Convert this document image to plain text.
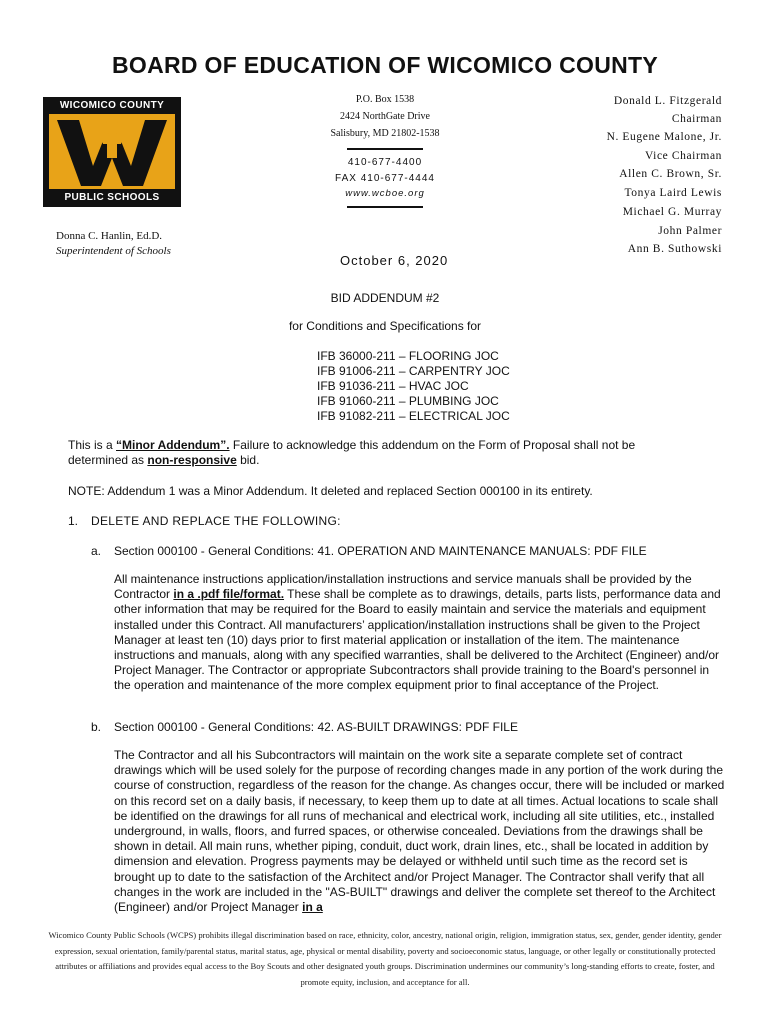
BOARD OF EDUCATION OF WICOMICO COUNTY
WICOMICO COUNTY
PUBLIC SCHOOLS
Donna C. Hanlin, Ed.D.
Superintendent of Schools
P.O. Box 1538
2424 NorthGate Drive
Salisbury, MD 21802-1538
410-677-4400
FAX 410-677-4444
www.wcboe.org
Donald L. Fitzgerald
Chairman
N. Eugene Malone, Jr.
Vice Chairman
Allen C. Brown, Sr.
Tonya Laird Lewis
Michael G. Murray
John Palmer
Ann B. Suthowski
October 6, 2020
BID ADDENDUM #2
for Conditions and Specifications for
IFB 36000-211 – FLOORING JOC
IFB 91006-211 – CARPENTRY JOC
IFB 91036-211 – HVAC JOC
IFB 91060-211 – PLUMBING JOC
IFB 91082-211 – ELECTRICAL JOC
This is a “Minor Addendum”. Failure to acknowledge this addendum on the Form of Proposal shall not be determined as non-responsive bid.
NOTE: Addendum 1 was a Minor Addendum. It deleted and replaced Section 000100 in its entirety.
1. DELETE AND REPLACE THE FOLLOWING:
a. Section 000100 - General Conditions: 41. OPERATION AND MAINTENANCE MANUALS: PDF FILE
All maintenance instructions application/installation instructions and service manuals shall be provided by the Contractor in a .pdf file/format. These shall be complete as to drawings, details, parts lists, performance data and other information that may be required for the Board to easily maintain and service the materials and equipment installed under this Contract. All manufacturers’ application/installation instructions shall be given to the Project Manager at least ten (10) days prior to first material application or installation of the item. The maintenance instructions and manuals, along with any specified warranties, shall be delivered to the Architect (Engineer) and/or Project Manager. The Contractor or appropriate Subcontractors shall provide training to the Board's personnel in the operation and maintenance of the more complex equipment prior to final acceptance of the Project.
b. Section 000100 - General Conditions: 42. AS-BUILT DRAWINGS: PDF FILE
The Contractor and all his Subcontractors will maintain on the work site a separate complete set of contract drawings which will be used solely for the purpose of recording changes made in any portion of the work during the course of construction, regardless of the reason for the change. As changes occur, there will be included or marked on this record set on a daily basis, if necessary, to keep them up to date at all times. Actual locations to scale shall be identified on the drawings for all runs of mechanical and electrical work, including all site utilities, etc., installed underground, in walls, floors, and furred spaces, or otherwise concealed. Deviations from the drawings shall be shown in detail. All main runs, whether piping, conduit, duct work, drain lines, etc., shall be located in addition by dimension and elevation. Progress payments may be delayed or withheld until such time as the record set is brought up to date to the satisfaction of the Architect and/or Project Manager. The Contractor shall verify that all changes in the work are included in the "AS-BUILT" drawings and deliver the complete set thereof to the Architect (Engineer) and/or Project Manager in a
Wicomico County Public Schools (WCPS) prohibits illegal discrimination based on race, ethnicity, color, ancestry, national origin, religion, immigration status, sex, gender, gender identity, gender expression, sexual orientation, family/parental status, marital status, age, physical or mental disability, poverty and socioeconomic status, language, or other legally or constitutionally protected attributes or affiliations and provides equal access to the Boy Scouts and other designated youth groups. Discrimination undermines our community’s long-standing efforts to create, foster, and promote equity, inclusion, and acceptance for all.
